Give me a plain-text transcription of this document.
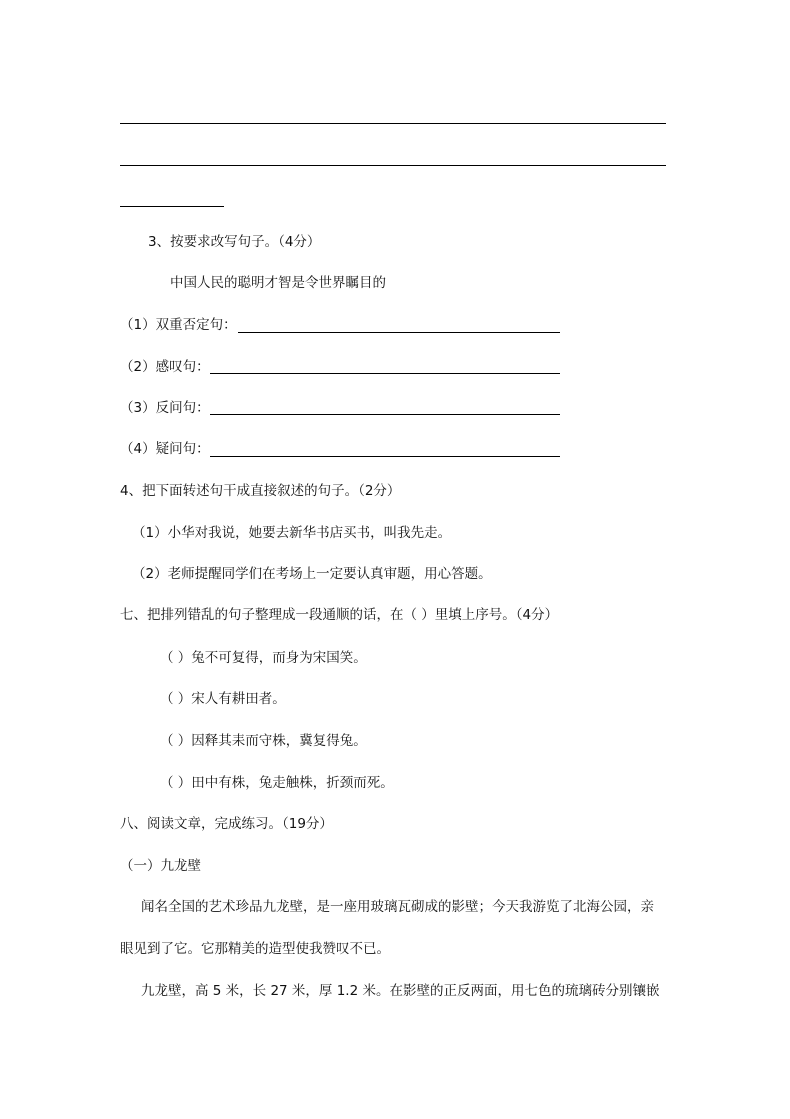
3、按要求改写句子。（4分）
中国人民的聪明才智是令世界瞩目的
（1）双重否定句：
（2）感叹句：
（3）反问句：
（4）疑问句：
4、把下面转述句干成直接叙述的句子。（2分）
（1）小华对我说，她要去新华书店买书，叫我先走。
（2）老师提醒同学们在考场上一定要认真审题，用心答题。
七、把排列错乱的句子整理成一段通顺的话，在（ ）里填上序号。（4分）
（ ）兔不可复得，而身为宋国笑。
（ ）宋人有耕田者。
（ ）因释其耒而守株，冀复得兔。
（ ）田中有株，兔走触株，折颈而死。
八、阅读文章，完成练习。（19分）
（一）九龙壁
闻名全国的艺术珍品九龙壁，是一座用玻璃瓦砌成的影壁；今天我游览了北海公园，亲
眼见到了它。它那精美的造型使我赞叹不已。
九龙壁，高 5 米，长 27 米，厚 1.2 米。在影壁的正反两面，用七色的琉璃砖分别镶嵌
